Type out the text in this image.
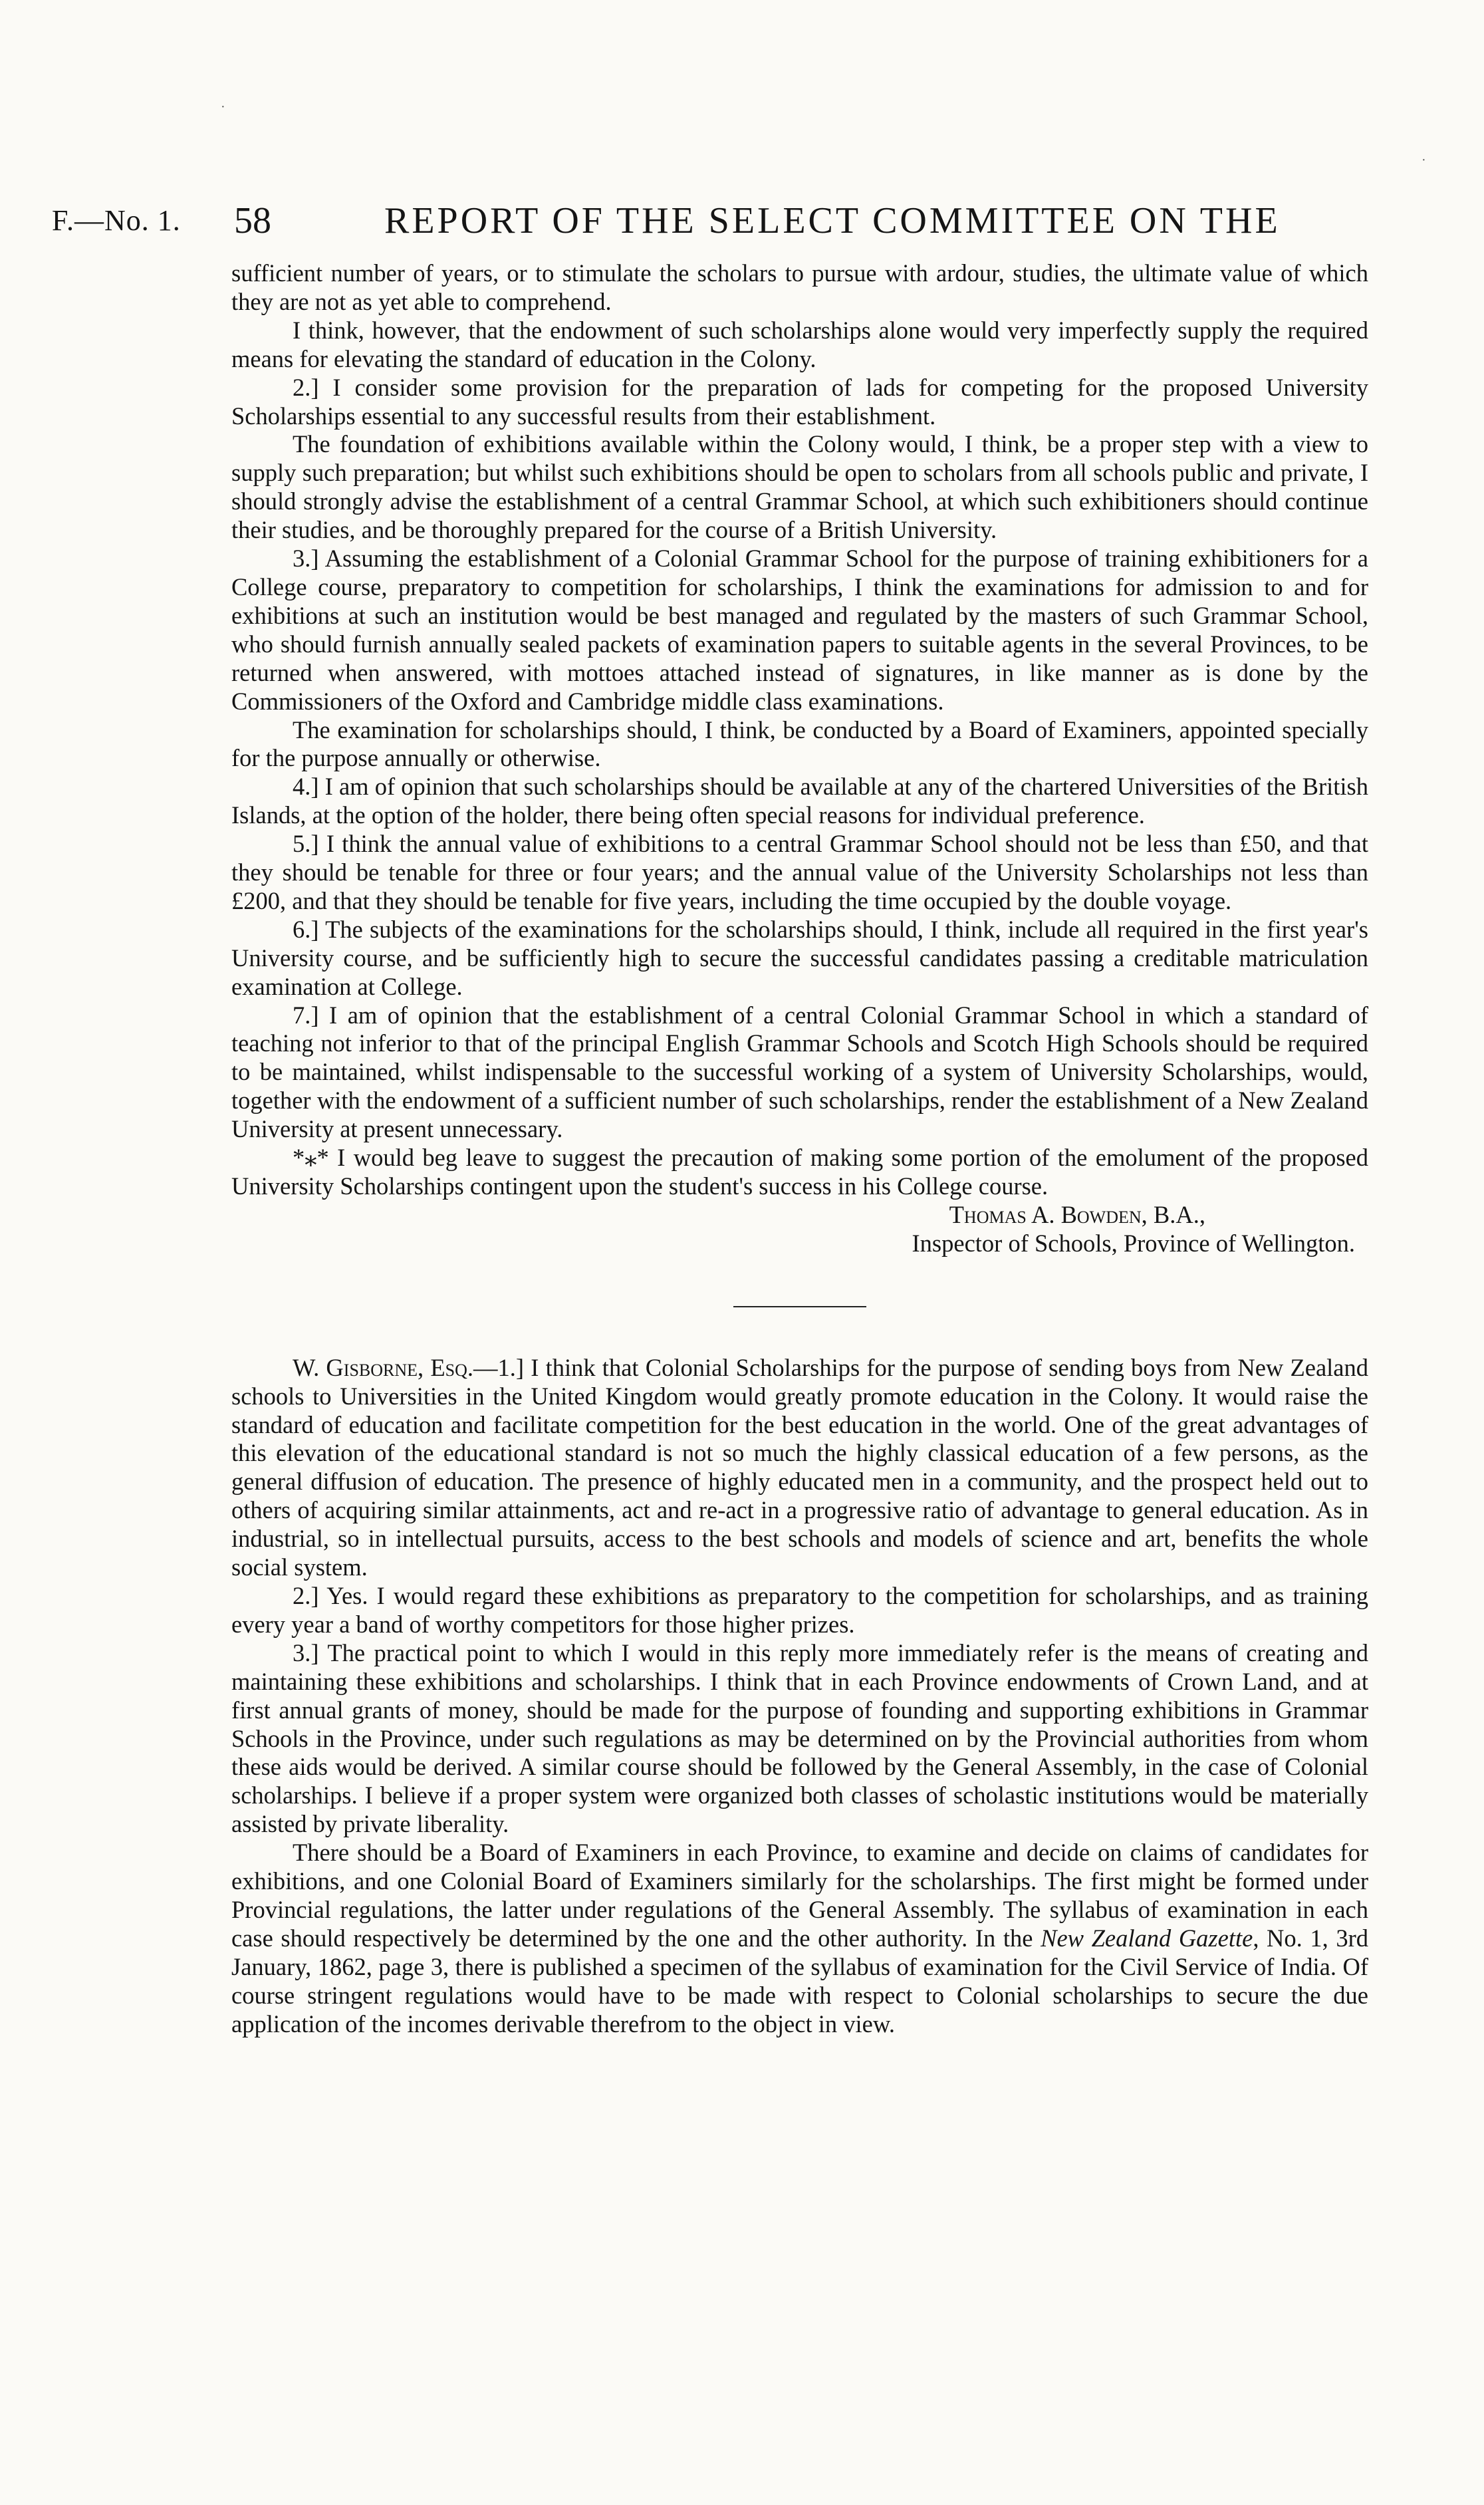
·
·
F.—No. 1. 58	REPORT OF THE SELECT COMMITTEE ON THE

sufficient number of years, or to stimulate the scholars to pursue with ardour, studies, the ultimate value of which they are not as yet able to comprehend.

I think, however, that the endowment of such scholarships alone would very imperfectly supply the required means for elevating the standard of education in the Colony.

2.] I consider some provision for the preparation of lads for competing for the proposed University Scholarships essential to any successful results from their establishment.

The foundation of exhibitions available within the Colony would, I think, be a proper step with a view to supply such preparation; but whilst such exhibitions should be open to scholars from all schools public and private, I should strongly advise the establishment of a central Grammar School, at which such exhibitioners should continue their studies, and be thoroughly prepared for the course of a British University.

3.] Assuming the establishment of a Colonial Grammar School for the purpose of training exhibitioners for a College course, preparatory to competition for scholarships, I think the examinations for admission to and for exhibitions at such an institution would be best managed and regulated by the masters of such Grammar School, who should furnish annually sealed packets of examination papers to suitable agents in the several Provinces, to be returned when answered, with mottoes attached instead of signatures, in like manner as is done by the Commissioners of the Oxford and Cambridge middle class examinations.

The examination for scholarships should, I think, be conducted by a Board of Examiners, appointed specially for the purpose annually or otherwise.

4.] I am of opinion that such scholarships should be available at any of the chartered Universities of the British Islands, at the option of the holder, there being often special reasons for individual preference.

5.] I think the annual value of exhibitions to a central Grammar School should not be less than £50, and that they should be tenable for three or four years; and the annual value of the University Scholarships not less than £200, and that they should be tenable for five years, including the time occupied by the double voyage.

6.] The subjects of the examinations for the scholarships should, I think, include all required in the first year's University course, and be sufficiently high to secure the successful candidates passing a creditable matriculation examination at College.

7.] I am of opinion that the establishment of a central Colonial Grammar School in which a standard of teaching not inferior to that of the principal English Grammar Schools and Scotch High Schools should be required to be maintained, whilst indispensable to the successful working of a system of University Scholarships, would, together with the endowment of a sufficient number of such scholarships, render the establishment of a New Zealand University at present unnecessary.

*⁎* I would beg leave to suggest the precaution of making some portion of the emolument of the proposed University Scholarships contingent upon the student's success in his College course.

Thomas A. Bowden, B.A.,
Inspector of Schools, Province of Wellington.

W. Gisborne, Esq.—1.] I think that Colonial Scholarships for the purpose of sending boys from New Zealand schools to Universities in the United Kingdom would greatly promote education in the Colony. It would raise the standard of education and facilitate competition for the best education in the world. One of the great advantages of this elevation of the educational standard is not so much the highly classical education of a few persons, as the general diffusion of education. The presence of highly educated men in a community, and the prospect held out to others of acquiring similar attainments, act and re-act in a progressive ratio of advantage to general education. As in industrial, so in intellectual pursuits, access to the best schools and models of science and art, benefits the whole social system.

2.] Yes. I would regard these exhibitions as preparatory to the competition for scholarships, and as training every year a band of worthy competitors for those higher prizes.

3.] The practical point to which I would in this reply more immediately refer is the means of creating and maintaining these exhibitions and scholarships. I think that in each Province endowments of Crown Land, and at first annual grants of money, should be made for the purpose of founding and supporting exhibitions in Grammar Schools in the Province, under such regulations as may be determined on by the Provincial authorities from whom these aids would be derived. A similar course should be followed by the General Assembly, in the case of Colonial scholarships. I believe if a proper system were organized both classes of scholastic institutions would be materially assisted by private liberality.

There should be a Board of Examiners in each Province, to examine and decide on claims of candidates for exhibitions, and one Colonial Board of Examiners similarly for the scholarships. The first might be formed under Provincial regulations, the latter under regulations of the General Assembly. The syllabus of examination in each case should respectively be determined by the one and the other authority. In the New Zealand Gazette, No. 1, 3rd January, 1862, page 3, there is published a specimen of the syllabus of examination for the Civil Service of India. Of course stringent regulations would have to be made with respect to Colonial scholarships to secure the due application of the incomes derivable therefrom to the object in view.
